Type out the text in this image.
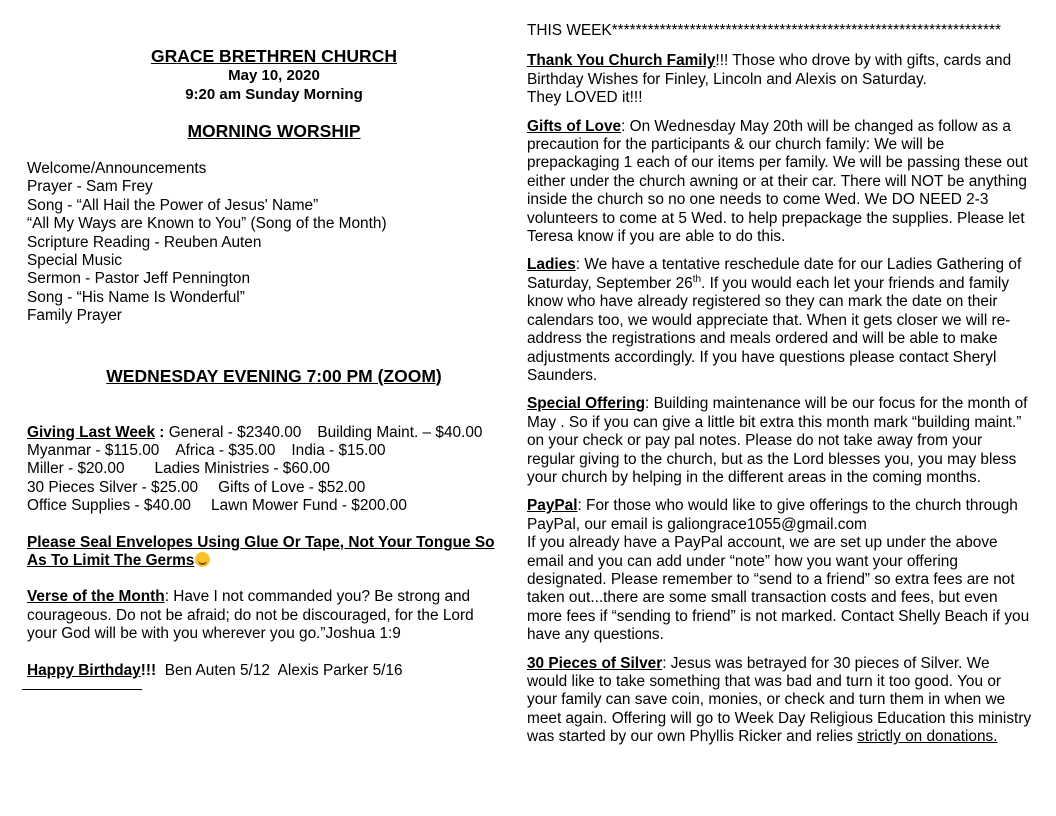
GRACE BRETHREN CHURCH
May 10, 2020
9:20 am Sunday Morning
MORNING WORSHIP
Welcome/Announcements
Prayer - Sam Frey
Song - “All Hail the Power of Jesus' Name”
“All My Ways are Known to You” (Song of the Month)
Scripture Reading - Reuben Auten
Special Music
Sermon - Pastor Jeff Pennington
Song - “His Name Is Wonderful”
Family Prayer
WEDNESDAY EVENING 7:00 PM (ZOOM)
Giving Last Week : General - $2340.00 Building Maint. – $40.00
Myanmar - $115.00 Africa - $35.00 India - $15.00
Miller - $20.00 Ladies Ministries - $60.00
30 Pieces Silver - $25.00 Gifts of Love - $52.00
Office Supplies - $40.00 Lawn Mower Fund - $200.00
Please Seal Envelopes Using Glue Or Tape, Not Your Tongue So As To Limit The Germs
Verse of the Month: Have I not commanded you? Be strong and courageous. Do not be afraid; do not be discouraged, for the Lord your God will be with you wherever you go.”Joshua 1:9
Happy Birthday!!!  Ben Auten 5/12  Alexis Parker 5/16
THIS WEEK*****************************************************************
Thank You Church Family!!! Those who drove by with gifts, cards and Birthday Wishes for Finley, Lincoln and Alexis on Saturday.
They LOVED it!!!
Gifts of Love: On Wednesday May 20th will be changed as follow as a precaution for the participants & our church family: We will be prepackaging 1 each of our items per family. We will be passing these out either under the church awning or at their car. There will NOT be anything inside the church so no one needs to come Wed. We DO NEED 2-3 volunteers to come at 5 Wed. to help prepackage the supplies. Please let Teresa know if you are able to do this.
Ladies: We have a tentative reschedule date for our Ladies Gathering of Saturday, September 26th. If you would each let your friends and family know who have already registered so they can mark the date on their calendars too, we would appreciate that. When it gets closer we will re-address the registrations and meals ordered and will be able to make adjustments accordingly. If you have questions please contact Sheryl Saunders.
Special Offering: Building maintenance will be our focus for the month of May . So if you can give a little bit extra this month mark “building maint.” on your check or pay pal notes. Please do not take away from your regular giving to the church, but as the Lord blesses you, you may bless your church by helping in the different areas in the coming months.
PayPal: For those who would like to give offerings to the church through PayPal, our email is galiongrace1055@gmail.com
If you already have a PayPal account, we are set up under the above email and you can add under “note” how you want your offering designated. Please remember to “send to a friend” so extra fees are not taken out...there are some small transaction costs and fees, but even more fees if “sending to friend” is not marked. Contact Shelly Beach if you have any questions.
30 Pieces of Silver: Jesus was betrayed for 30 pieces of Silver. We would like to take something that was bad and turn it too good. You or your family can save coin, monies, or check and turn them in when we meet again. Offering will go to Week Day Religious Education this ministry was started by our own Phyllis Ricker and relies strictly on donations.
